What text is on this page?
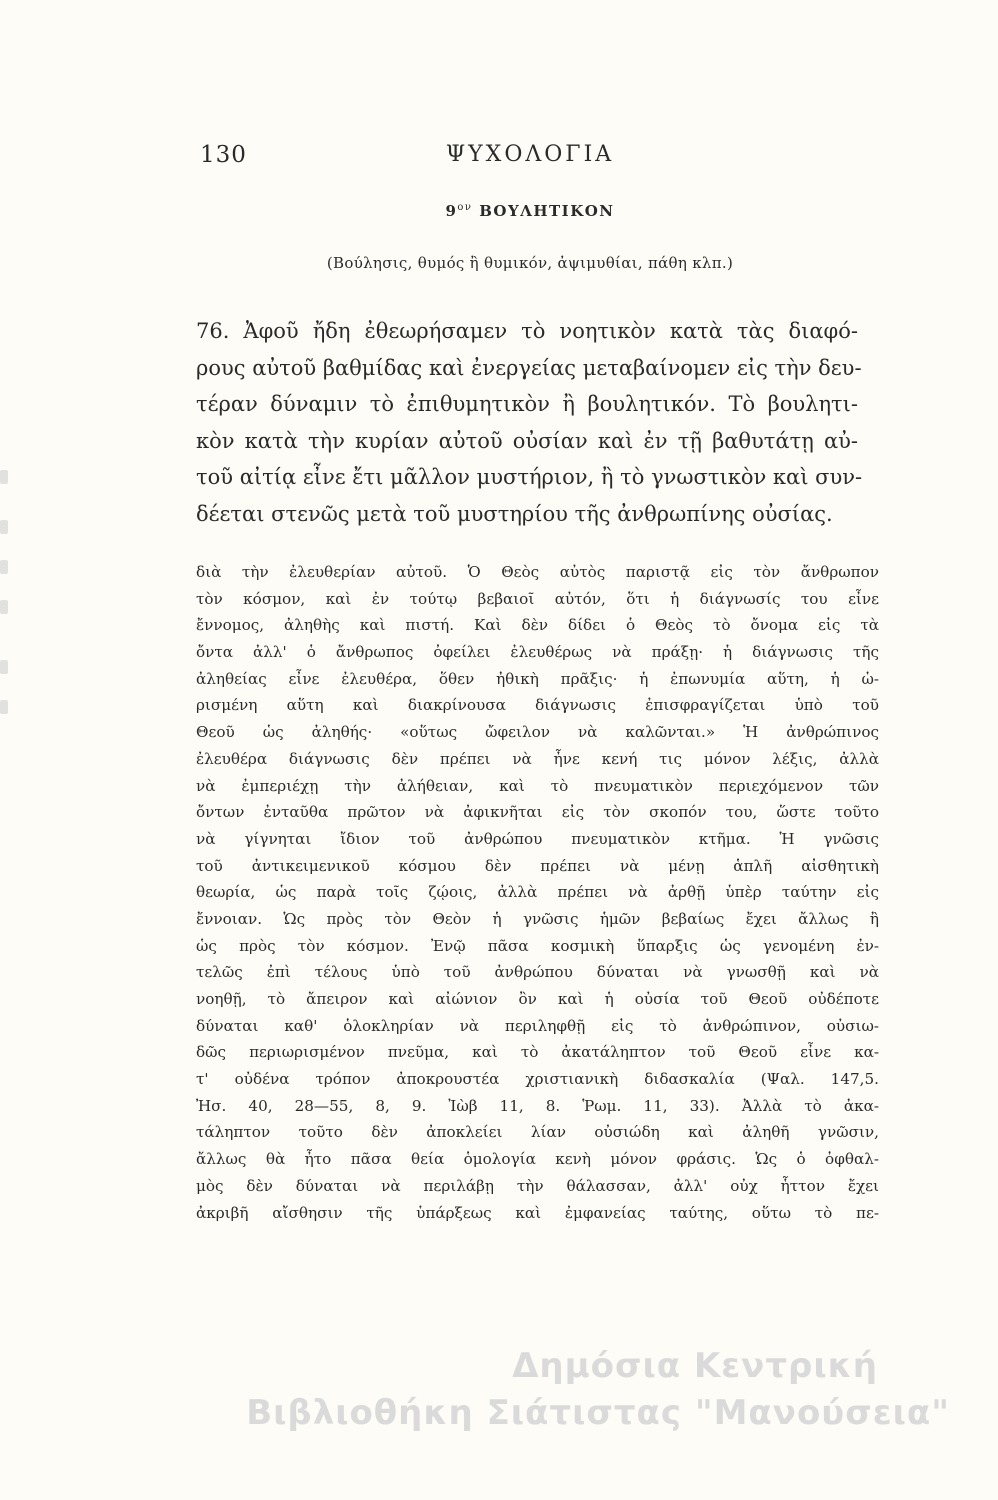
130	ΨΥΧΟΛΟΓΙΑ
$9^{o\nu}$ ΒΟΥΛΗΤΙΚΟΝ
(Βούλησις, θυμός ἢ θυμικόν, ἀψιμυθίαι, πάθη κλπ.)
76. Ἀφοῦ ἤδη ἐθεωρήσαμεν τὸ νοητικὸν κατὰ τὰς διαφό-
ρους αὐτοῦ βαθμίδας καὶ ἐνεργείας μεταβαίνομεν εἰς τὴν δευ-
τέραν δύναμιν τὸ ἐπιθυμητικὸν ἢ βουλητικόν. Τὸ βουλητι-
κὸν κατὰ τὴν κυρίαν αὐτοῦ οὐσίαν καὶ ἐν τῇ βαθυτάτῃ αὐ-
τοῦ αἰτίᾳ εἶνε ἔτι μᾶλλον μυστήριον, ἢ τὸ γνωστικὸν καὶ συν-
δέεται στενῶς μετὰ τοῦ μυστηρίου τῆς ἀνθρωπίνης οὐσίας.
διὰ τὴν ἐλευθερίαν αὐτοῦ. Ὁ Θεὸς αὐτὸς παριστᾷ εἰς τὸν ἄνθρωπον
τὸν κόσμον, καὶ ἐν τούτῳ βεβαιοῖ αὐτόν, ὅτι ἡ διάγνωσίς του εἶνε
ἔννομος, ἀληθὴς καὶ πιστή. Καὶ δὲν δίδει ὁ Θεὸς τὸ ὄνομα εἰς τὰ
ὄντα ἀλλ' ὁ ἄνθρωπος ὀφείλει ἐλευθέρως νὰ πράξῃ· ἡ διάγνωσις τῆς
ἀληθείας εἶνε ἐλευθέρα, ὅθεν ἠθικὴ πρᾶξις· ἡ ἐπωνυμία αὕτη, ἡ ὡ-
ρισμένη αὕτη καὶ διακρίνουσα διάγνωσις ἐπισφραγίζεται ὑπὸ τοῦ
Θεοῦ ὡς ἀληθής· «οὕτως ὤφειλον νὰ καλῶνται.» Ἡ ἀνθρώπινος
ἐλευθέρα διάγνωσις δὲν πρέπει νὰ ἦνε κενή τις μόνον λέξις, ἀλλὰ
νὰ ἐμπεριέχῃ τὴν ἀλήθειαν, καὶ τὸ πνευματικὸν περιεχόμενον τῶν
ὄντων ἐνταῦθα πρῶτον νὰ ἀφικνῆται εἰς τὸν σκοπόν του, ὥστε τοῦτο
νὰ γίγνηται ἴδιον τοῦ ἀνθρώπου πνευματικὸν κτῆμα. Ἡ γνῶσις
τοῦ ἀντικειμενικοῦ κόσμου δὲν πρέπει νὰ μένῃ ἁπλῆ αἰσθητικὴ
θεωρία, ὡς παρὰ τοῖς ζῴοις, ἀλλὰ πρέπει νὰ ἀρθῇ ὑπὲρ ταύτην εἰς
ἔννοιαν. Ὡς πρὸς τὸν Θεὸν ἡ γνῶσις ἡμῶν βεβαίως ἔχει ἄλλως ἢ
ὡς πρὸς τὸν κόσμον. Ἐνῷ πᾶσα κοσμικὴ ὕπαρξις ὡς γενομένη ἐν-
τελῶς ἐπὶ τέλους ὑπὸ τοῦ ἀνθρώπου δύναται νὰ γνωσθῇ καὶ νὰ
νοηθῇ, τὸ ἄπειρον καὶ αἰώνιον ὂν καὶ ἡ οὐσία τοῦ Θεοῦ οὐδέποτε
δύναται καθ' ὁλοκληρίαν νὰ περιληφθῇ εἰς τὸ ἀνθρώπινον, οὐσιω-
δῶς περιωρισμένον πνεῦμα, καὶ τὸ ἀκατάληπτον τοῦ Θεοῦ εἶνε κα-
τ' οὐδένα τρόπον ἀποκρουστέα χριστιανικὴ διδασκαλία (Ψαλ. 147,5.
Ἠσ. 40, 28—55, 8, 9. Ἰὼβ 11, 8. Ῥωμ. 11, 33). Ἀλλὰ τὸ ἀκα-
τάληπτον τοῦτο δὲν ἀποκλείει λίαν οὐσιώδη καὶ ἀληθῆ γνῶσιν,
ἄλλως θὰ ἦτο πᾶσα θεία ὁμολογία κενὴ μόνον φράσις. Ὡς ὁ ὀφθαλ-
μὸς δὲν δύναται νὰ περιλάβῃ τὴν θάλασσαν, ἀλλ' οὐχ ἧττον ἔχει
ἀκριβῆ αἴσθησιν τῆς ὑπάρξεως καὶ ἐμφανείας ταύτης, οὕτω τὸ πε-
Δημόσια Κεντρική
Βιβλιοθήκη Σιάτιστας "Μανούσεια"
